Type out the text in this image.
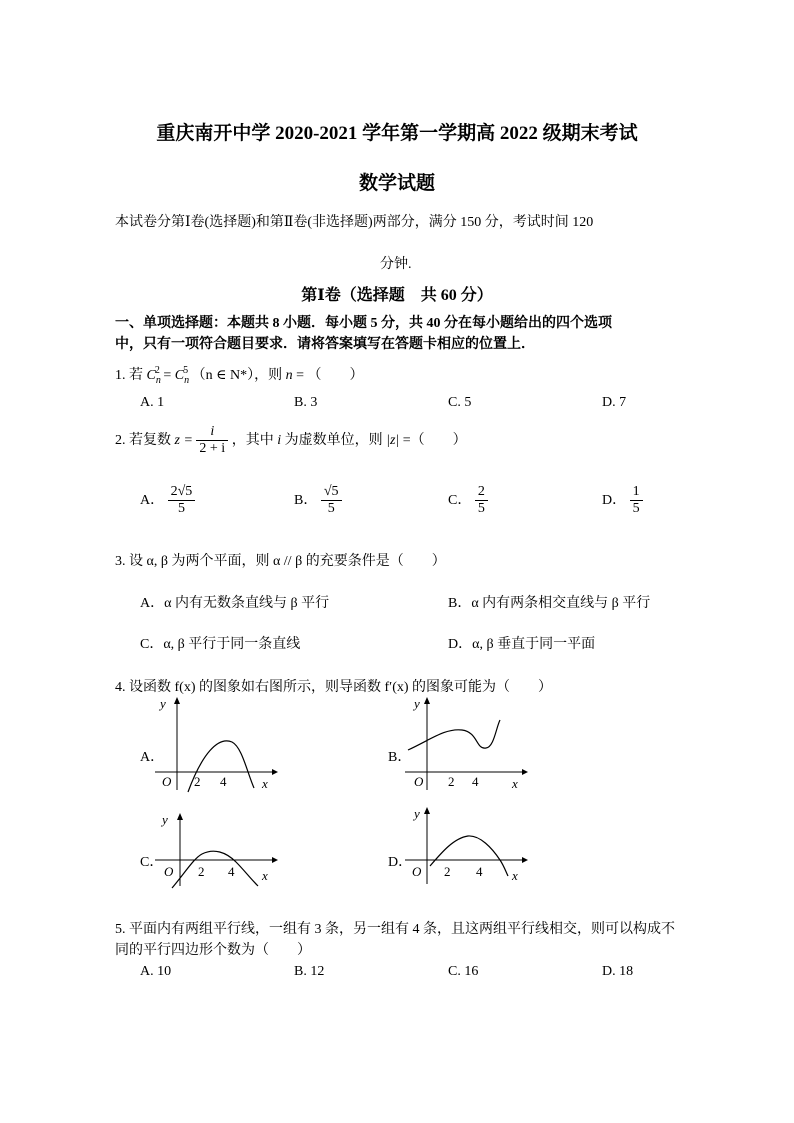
重庆南开中学 2020-2021 学年第一学期高 2022 级期末考试
数学试题
本试卷分第Ⅰ卷(选择题)和第Ⅱ卷(非选择题)两部分，满分 150 分，考试时间 120
分钟.
第Ⅰ卷（选择题　共 60 分）
一、单项选择题：本题共 8 小题．每小题 5 分，共 40 分在每小题给出的四个选项
中，只有一项符合题目要求．请将答案填写在答题卡相应的位置上．
1. 若 $C_n^2 = C_n^5$ （n ∈ N*），则 n = （　　）
A. 1	B. 3	C. 5	D. 7
2. 若复数 $z = \frac{i}{2 + i}$ ，其中 i 为虚数单位，则 |z| =（　　）
A． $\frac{2√5}{5}$	B． $\frac{√5}{5}$	C． $\frac{2}{5}$	D． $\frac{1}{5}$
3. 设 α, β 为两个平面，则 α // β 的充要条件是（　　）
A．α 内有无数条直线与 β 平行	B．α 内有两条相交直线与 β 平行
C．α, β 平行于同一条直线	D．α, β 垂直于同一平面
4. 设函数 f(x) 的图象如右图所示，则导函数 f′(x) 的图象可能为（　　）
A．
y
O 2 4	x
B．
y
O 2 4	x
C．
y
O 2 4 x
D．
y
O 2 4 x
5. 平面内有两组平行线，一组有 3 条，另一组有 4 条，且这两组平行线相交，则可以构成不
同的平行四边形个数为（　　）
A. 10	B. 12	C. 16	D. 18
